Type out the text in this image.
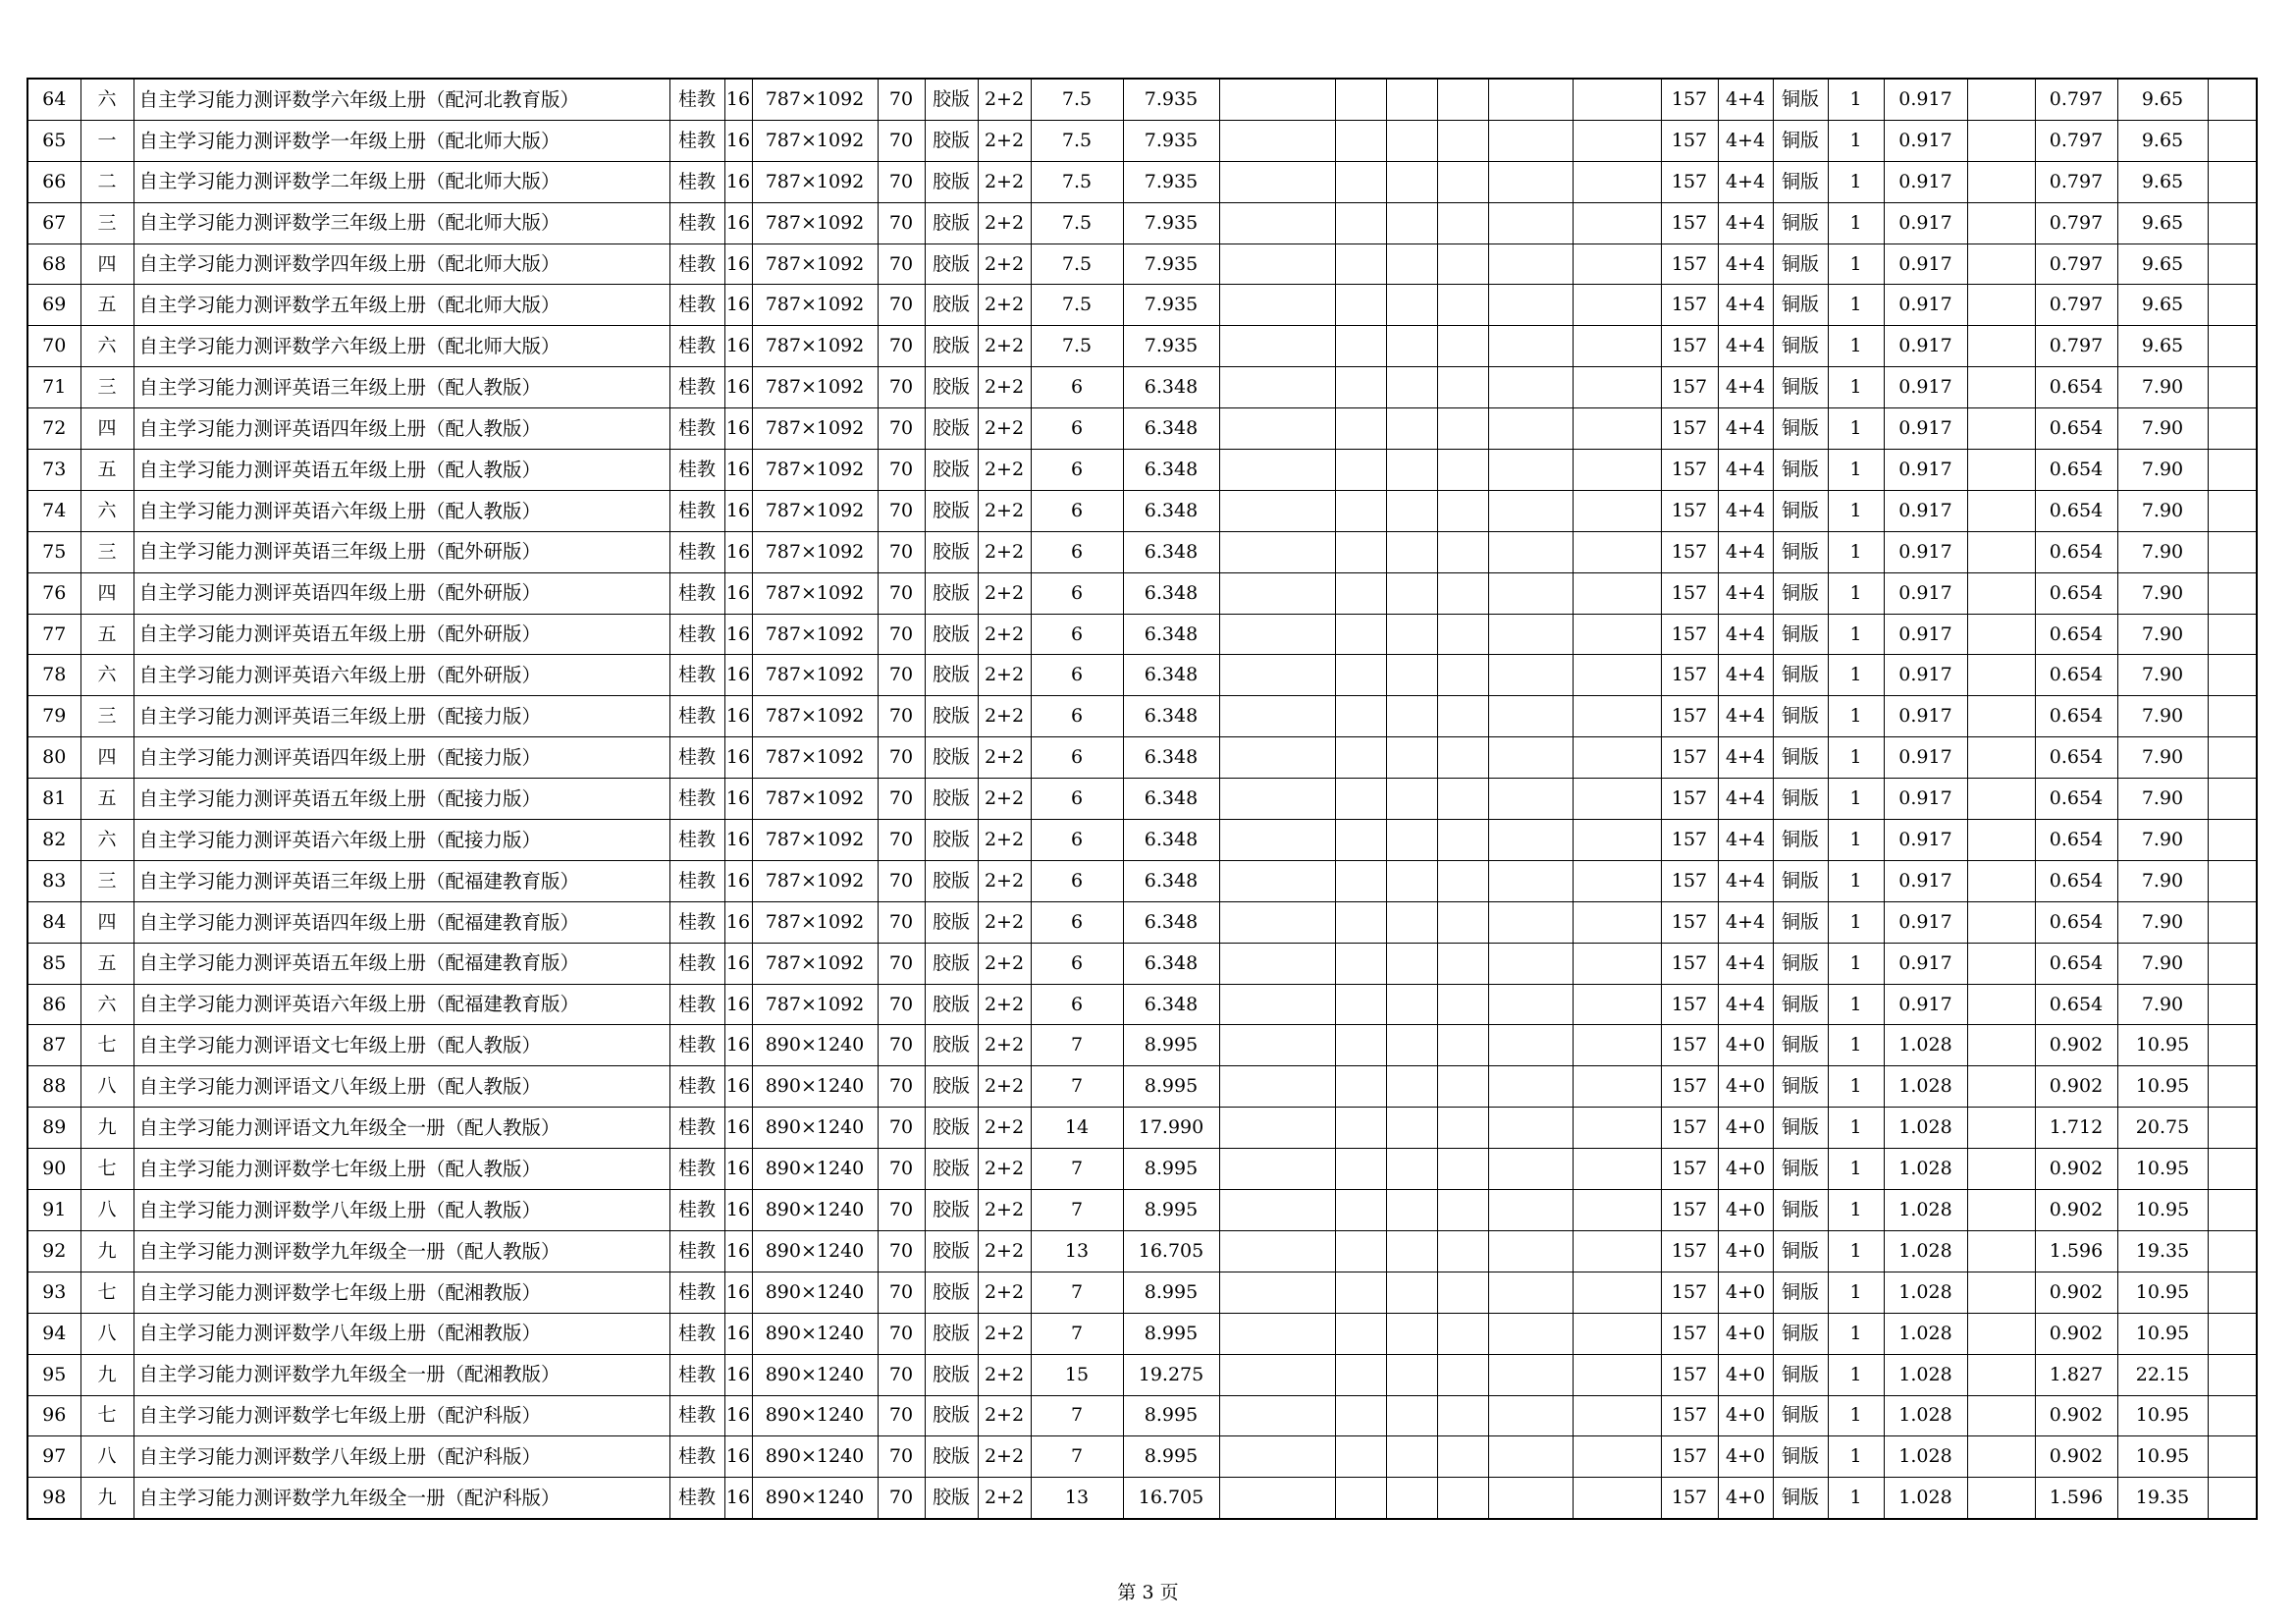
64	六	自主学习能力测评数学六年级上册（配河北教育版）	桂教	16	787×1092	70	胶版	2+2	7.5	7.935							157	4+4	铜版	1	0.917		0.797	9.65	
65	一	自主学习能力测评数学一年级上册（配北师大版）	桂教	16	787×1092	70	胶版	2+2	7.5	7.935							157	4+4	铜版	1	0.917		0.797	9.65	
66	二	自主学习能力测评数学二年级上册（配北师大版）	桂教	16	787×1092	70	胶版	2+2	7.5	7.935							157	4+4	铜版	1	0.917		0.797	9.65	
67	三	自主学习能力测评数学三年级上册（配北师大版）	桂教	16	787×1092	70	胶版	2+2	7.5	7.935							157	4+4	铜版	1	0.917		0.797	9.65	
68	四	自主学习能力测评数学四年级上册（配北师大版）	桂教	16	787×1092	70	胶版	2+2	7.5	7.935							157	4+4	铜版	1	0.917		0.797	9.65	
69	五	自主学习能力测评数学五年级上册（配北师大版）	桂教	16	787×1092	70	胶版	2+2	7.5	7.935							157	4+4	铜版	1	0.917		0.797	9.65	
70	六	自主学习能力测评数学六年级上册（配北师大版）	桂教	16	787×1092	70	胶版	2+2	7.5	7.935							157	4+4	铜版	1	0.917		0.797	9.65	
71	三	自主学习能力测评英语三年级上册（配人教版）	桂教	16	787×1092	70	胶版	2+2	6	6.348							157	4+4	铜版	1	0.917		0.654	7.90	
72	四	自主学习能力测评英语四年级上册（配人教版）	桂教	16	787×1092	70	胶版	2+2	6	6.348							157	4+4	铜版	1	0.917		0.654	7.90	
73	五	自主学习能力测评英语五年级上册（配人教版）	桂教	16	787×1092	70	胶版	2+2	6	6.348							157	4+4	铜版	1	0.917		0.654	7.90	
74	六	自主学习能力测评英语六年级上册（配人教版）	桂教	16	787×1092	70	胶版	2+2	6	6.348							157	4+4	铜版	1	0.917		0.654	7.90	
75	三	自主学习能力测评英语三年级上册（配外研版）	桂教	16	787×1092	70	胶版	2+2	6	6.348							157	4+4	铜版	1	0.917		0.654	7.90	
76	四	自主学习能力测评英语四年级上册（配外研版）	桂教	16	787×1092	70	胶版	2+2	6	6.348							157	4+4	铜版	1	0.917		0.654	7.90	
77	五	自主学习能力测评英语五年级上册（配外研版）	桂教	16	787×1092	70	胶版	2+2	6	6.348							157	4+4	铜版	1	0.917		0.654	7.90	
78	六	自主学习能力测评英语六年级上册（配外研版）	桂教	16	787×1092	70	胶版	2+2	6	6.348							157	4+4	铜版	1	0.917		0.654	7.90	
79	三	自主学习能力测评英语三年级上册（配接力版）	桂教	16	787×1092	70	胶版	2+2	6	6.348							157	4+4	铜版	1	0.917		0.654	7.90	
80	四	自主学习能力测评英语四年级上册（配接力版）	桂教	16	787×1092	70	胶版	2+2	6	6.348							157	4+4	铜版	1	0.917		0.654	7.90	
81	五	自主学习能力测评英语五年级上册（配接力版）	桂教	16	787×1092	70	胶版	2+2	6	6.348							157	4+4	铜版	1	0.917		0.654	7.90	
82	六	自主学习能力测评英语六年级上册（配接力版）	桂教	16	787×1092	70	胶版	2+2	6	6.348							157	4+4	铜版	1	0.917		0.654	7.90	
83	三	自主学习能力测评英语三年级上册（配福建教育版）	桂教	16	787×1092	70	胶版	2+2	6	6.348							157	4+4	铜版	1	0.917		0.654	7.90	
84	四	自主学习能力测评英语四年级上册（配福建教育版）	桂教	16	787×1092	70	胶版	2+2	6	6.348							157	4+4	铜版	1	0.917		0.654	7.90	
85	五	自主学习能力测评英语五年级上册（配福建教育版）	桂教	16	787×1092	70	胶版	2+2	6	6.348							157	4+4	铜版	1	0.917		0.654	7.90	
86	六	自主学习能力测评英语六年级上册（配福建教育版）	桂教	16	787×1092	70	胶版	2+2	6	6.348							157	4+4	铜版	1	0.917		0.654	7.90	
87	七	自主学习能力测评语文七年级上册（配人教版）	桂教	16	890×1240	70	胶版	2+2	7	8.995							157	4+0	铜版	1	1.028		0.902	10.95	
88	八	自主学习能力测评语文八年级上册（配人教版）	桂教	16	890×1240	70	胶版	2+2	7	8.995							157	4+0	铜版	1	1.028		0.902	10.95	
89	九	自主学习能力测评语文九年级全一册（配人教版）	桂教	16	890×1240	70	胶版	2+2	14	17.990							157	4+0	铜版	1	1.028		1.712	20.75	
90	七	自主学习能力测评数学七年级上册（配人教版）	桂教	16	890×1240	70	胶版	2+2	7	8.995							157	4+0	铜版	1	1.028		0.902	10.95	
91	八	自主学习能力测评数学八年级上册（配人教版）	桂教	16	890×1240	70	胶版	2+2	7	8.995							157	4+0	铜版	1	1.028		0.902	10.95	
92	九	自主学习能力测评数学九年级全一册（配人教版）	桂教	16	890×1240	70	胶版	2+2	13	16.705							157	4+0	铜版	1	1.028		1.596	19.35	
93	七	自主学习能力测评数学七年级上册（配湘教版）	桂教	16	890×1240	70	胶版	2+2	7	8.995							157	4+0	铜版	1	1.028		0.902	10.95	
94	八	自主学习能力测评数学八年级上册（配湘教版）	桂教	16	890×1240	70	胶版	2+2	7	8.995							157	4+0	铜版	1	1.028		0.902	10.95	
95	九	自主学习能力测评数学九年级全一册（配湘教版）	桂教	16	890×1240	70	胶版	2+2	15	19.275							157	4+0	铜版	1	1.028		1.827	22.15	
96	七	自主学习能力测评数学七年级上册（配沪科版）	桂教	16	890×1240	70	胶版	2+2	7	8.995							157	4+0	铜版	1	1.028		0.902	10.95	
97	八	自主学习能力测评数学八年级上册（配沪科版）	桂教	16	890×1240	70	胶版	2+2	7	8.995							157	4+0	铜版	1	1.028		0.902	10.95	
98	九	自主学习能力测评数学九年级全一册（配沪科版）	桂教	16	890×1240	70	胶版	2+2	13	16.705							157	4+0	铜版	1	1.028		1.596	19.35	
第 3 页
